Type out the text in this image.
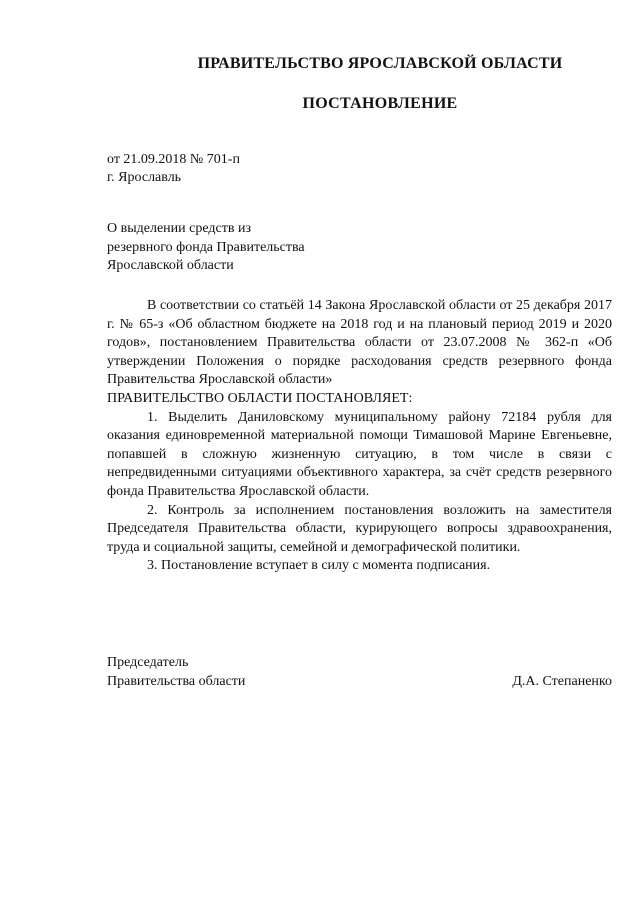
ПРАВИТЕЛЬСТВО ЯРОСЛАВСКОЙ ОБЛАСТИ
ПОСТАНОВЛЕНИЕ
от 21.09.2018 № 701-п
г. Ярославль
О выделении средств из
резервного фонда Правительства
Ярославской области

В соответствии со статьёй 14 Закона Ярославской области от 25 декабря 2017 г. № 65-з «Об областном бюджете на 2018 год и на плановый период 2019 и 2020 годов», постановлением Правительства области от 23.07.2008 № 362-п «Об утверждении Положения о порядке расходования средств резервного фонда Правительства Ярославской области»

ПРАВИТЕЛЬСТВО ОБЛАСТИ ПОСТАНОВЛЯЕТ:

1. Выделить Даниловскому муниципальному району 72184 рубля для оказания единовременной материальной помощи Тимашовой Марине Евгеньевне, попавшей в сложную жизненную ситуацию, в том числе в связи с непредвиденными ситуациями объективного характера, за счёт средств резервного фонда Правительства Ярославской области.

2. Контроль за исполнением постановления возложить на заместителя Председателя Правительства области, курирующего вопросы здравоохранения, труда и социальной защиты, семейной и демографической политики.

3. Постановление вступает в силу с момента подписания.

Председатель
Правительства области	Д.А. Степаненко
